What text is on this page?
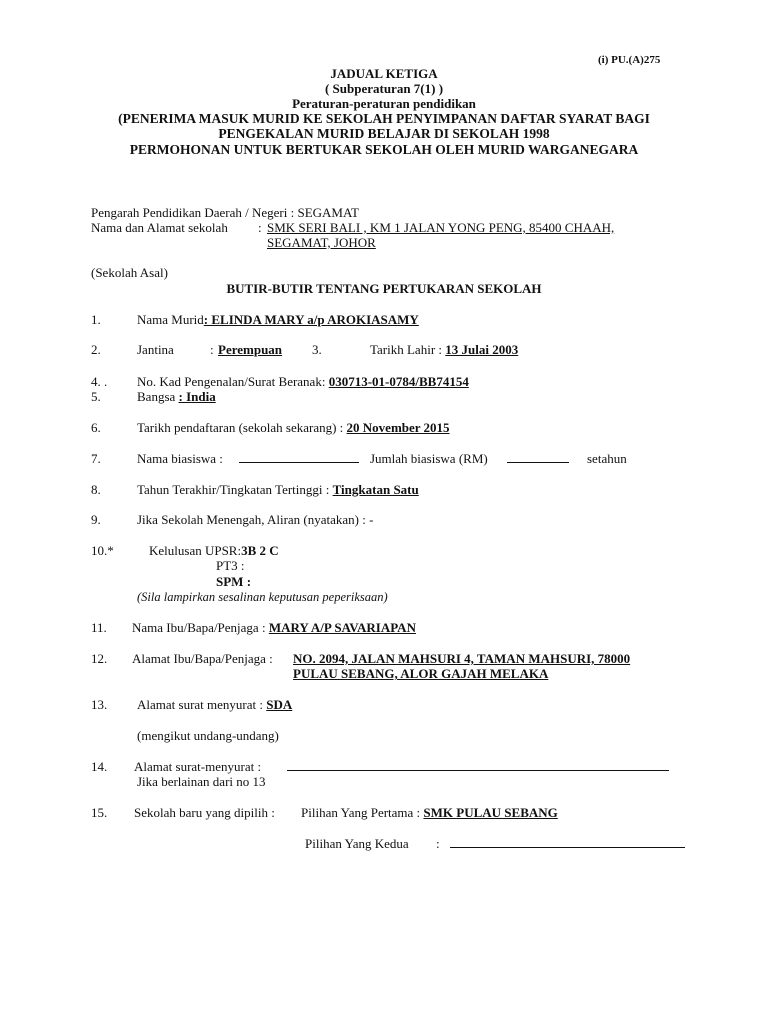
(i) PU.(A)275
JADUAL KETIGA
( Subperaturan 7(1) )
Peraturan-peraturan pendidikan
(PENERIMA MASUK MURID KE SEKOLAH PENYIMPANAN DAFTAR SYARAT BAGI
PENGEKALAN MURID BELAJAR DI SEKOLAH 1998
PERMOHONAN UNTUK BERTUKAR SEKOLAH OLEH MURID WARGANEGARA
Pengarah Pendidikan Daerah / Negeri : SEGAMAT
Nama dan Alamat sekolah : SMK SERI BALI , KM 1 JALAN YONG PENG, 85400 CHAAH,
SEGAMAT, JOHOR
(Sekolah Asal)
BUTIR-BUTIR TENTANG PERTUKARAN SEKOLAH
1.	Nama Murid: ELINDA MARY a/p AROKIASAMY
2.	Jantina	: Perempuan 3.	Tarikh Lahir : 13 Julai 2003
4. . No. Kad Pengenalan/Surat Beranak: 030713-01-0784/BB74154
5.	Bangsa : India
6.	Tarikh pendaftaran (sekolah sekarang) : 20 November 2015
7.	Nama biasiswa :	Jumlah biasiswa (RM)	setahun
8.	Tahun Terakhir/Tingkatan Tertinggi : Tingkatan Satu
9.	Jika Sekolah Menengah, Aliran (nyatakan) : -
10.*	Kelulusan UPSR:3B 2 C
PT3 :
SPM :
(Sila lampirkan sesalinan keputusan peperiksaan)
11. Nama Ibu/Bapa/Penjaga : MARY A/P SAVARIAPAN
12. Alamat Ibu/Bapa/Penjaga : NO. 2094, JALAN MAHSURI 4, TAMAN MAHSURI, 78000
PULAU SEBANG, ALOR GAJAH MELAKA
13. Alamat surat menyurat : SDA
(mengikut undang-undang)
14. Alamat surat-menyurat :
Jika berlainan dari no 13
15. Sekolah baru yang dipilih : Pilihan Yang Pertama : SMK PULAU SEBANG
Pilihan Yang Kedua :
